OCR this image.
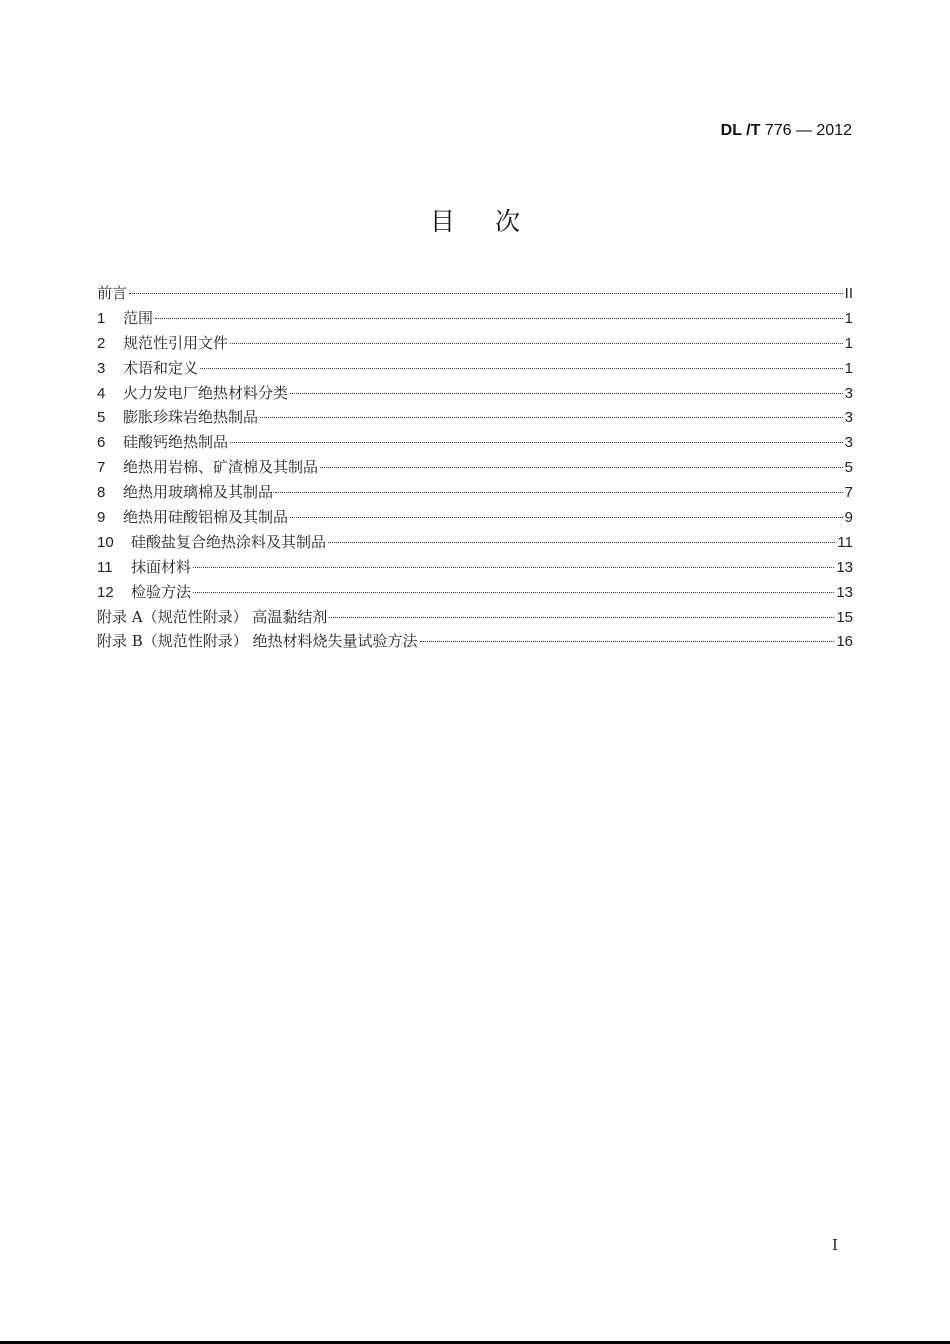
DL /T 776 — 2012
目次
前言	II
1	范围	1
2	规范性引用文件	1
3	术语和定义	1
4	火力发电厂绝热材料分类	3
5	膨胀珍珠岩绝热制品	3
6	硅酸钙绝热制品	3
7	绝热用岩棉、矿渣棉及其制品	5
8	绝热用玻璃棉及其制品	7
9	绝热用硅酸铝棉及其制品	9
10	硅酸盐复合绝热涂料及其制品	11
11	抹面材料	13
12	检验方法	13
附录 A（规范性附录） 高温黏结剂	15
附录 B（规范性附录） 绝热材料烧失量试验方法	16
I
